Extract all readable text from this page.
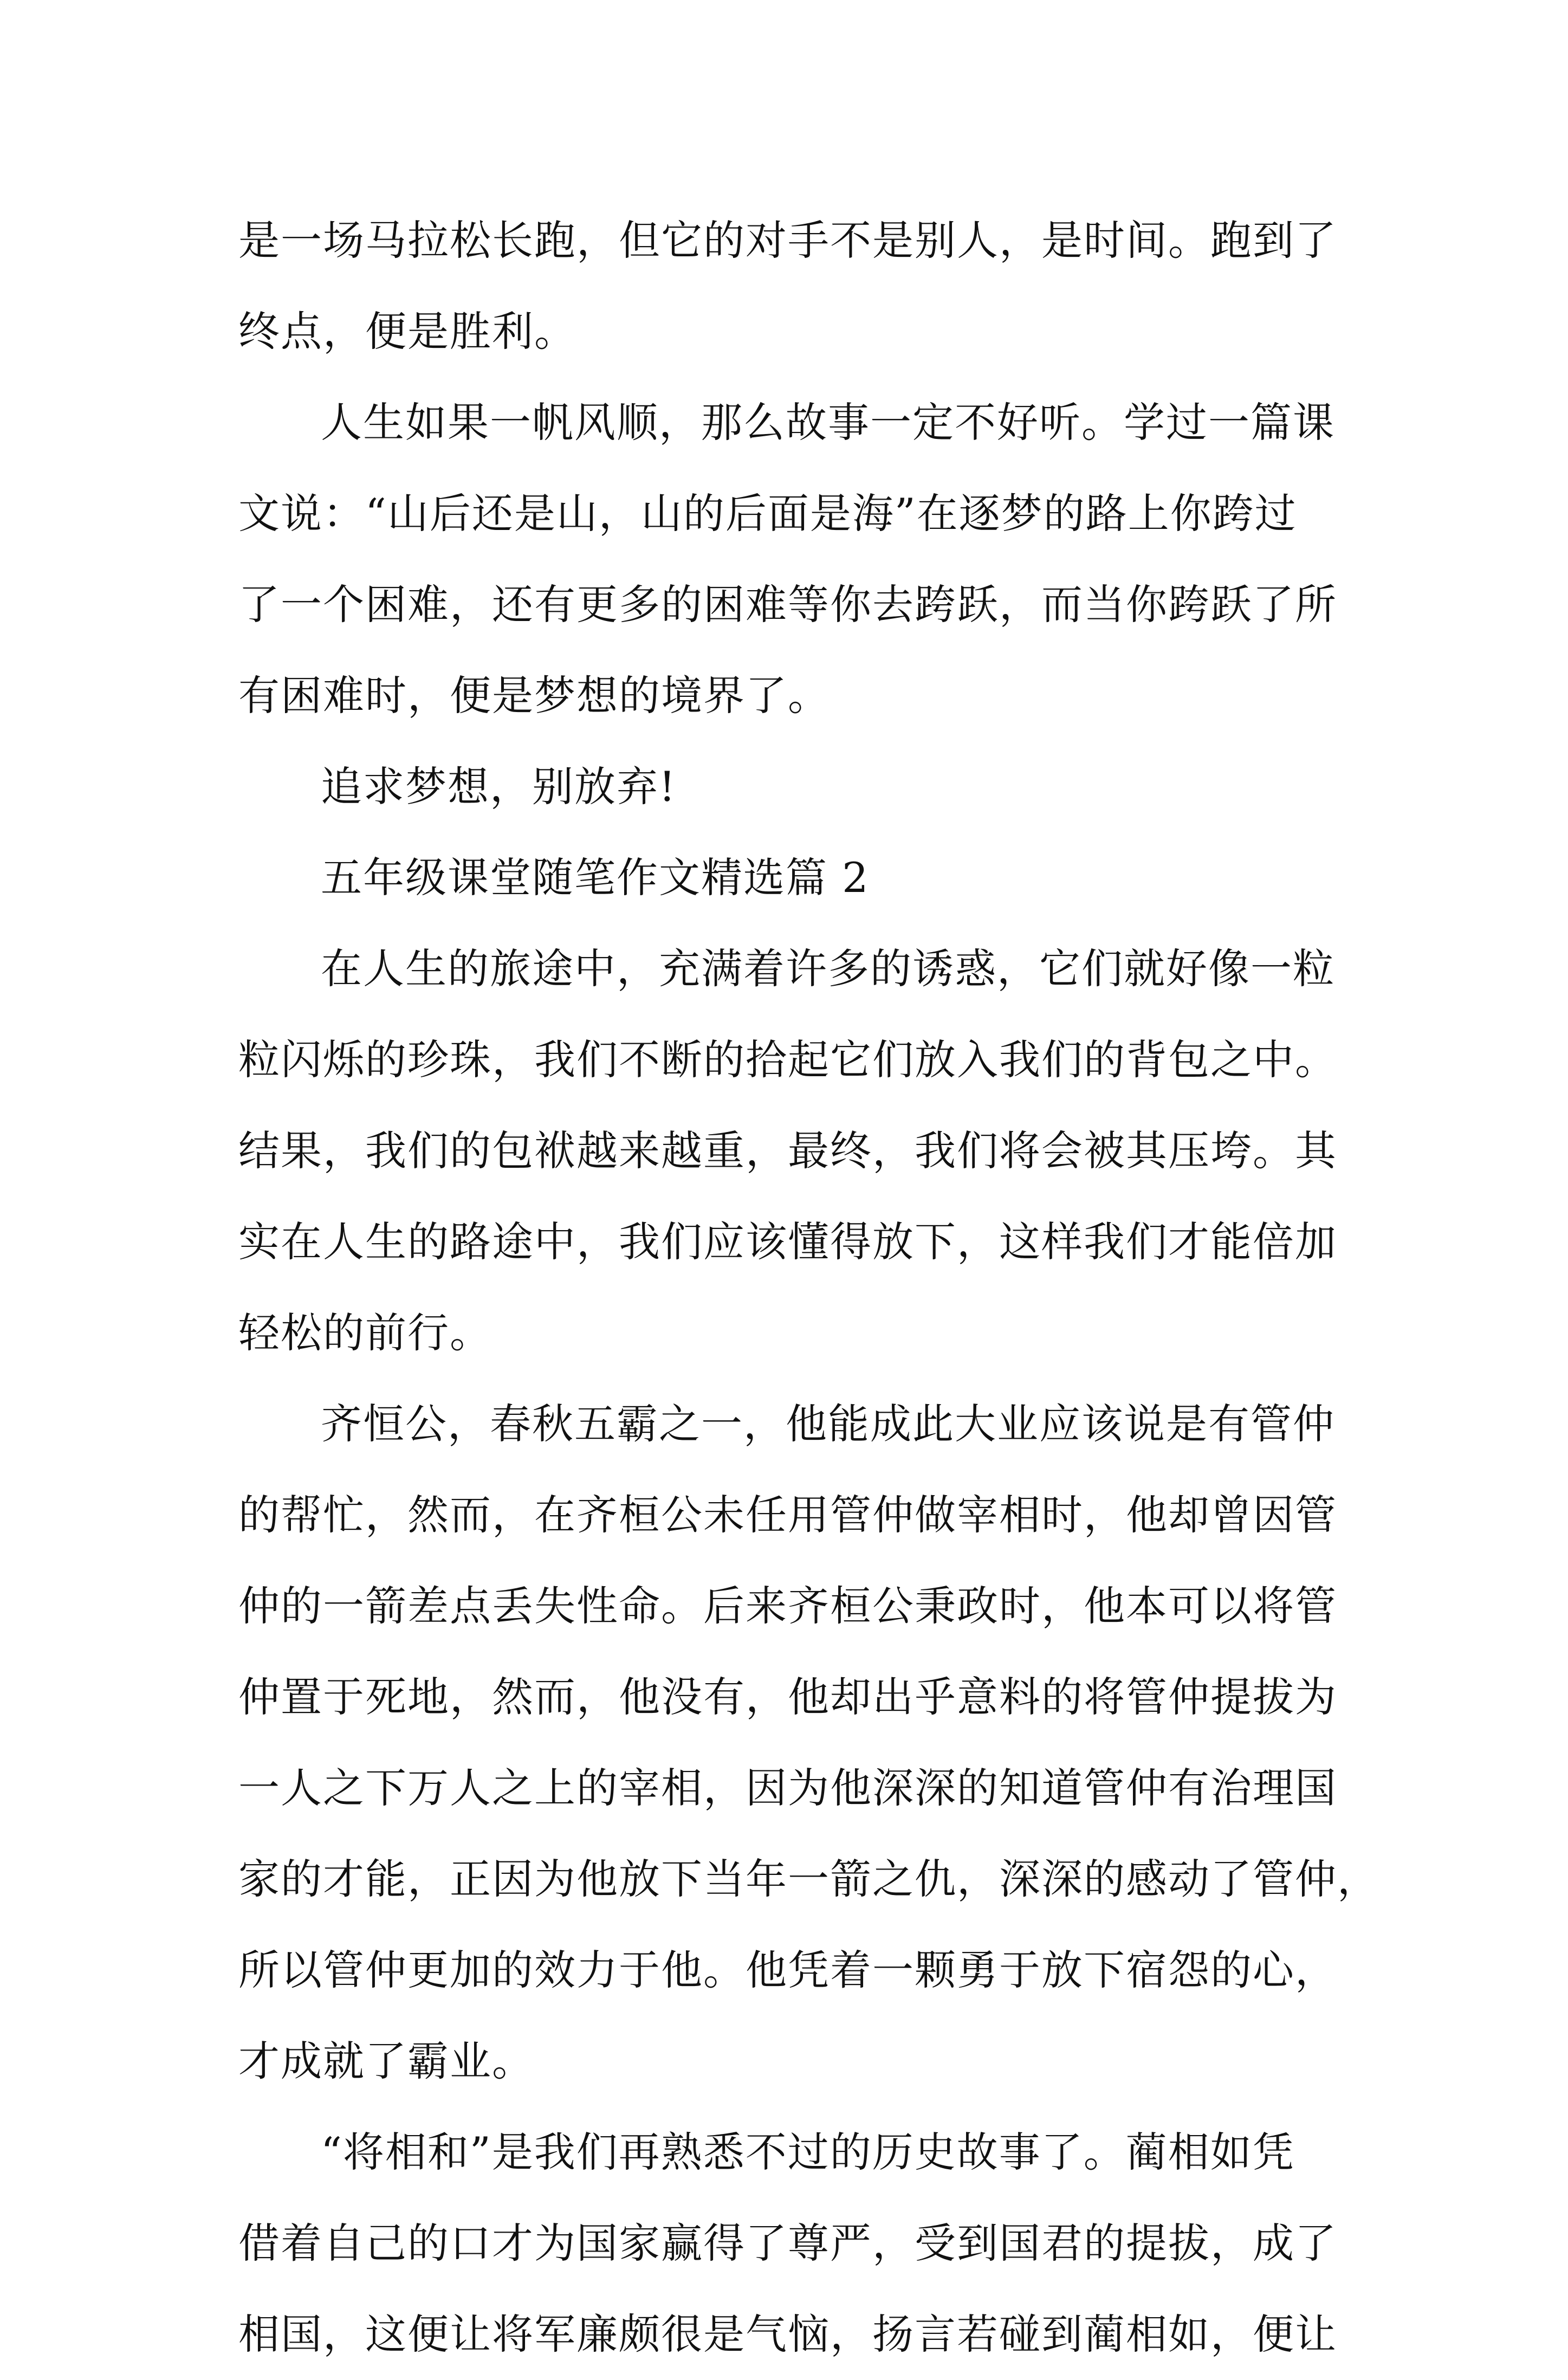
是一场马拉松长跑，但它的对手不是别人，是时间。跑到了
终点，便是胜利。
人生如果一帆风顺，那么故事一定不好听。学过一篇课
文说：“山后还是山，山的后面是海”在逐梦的路上你跨过
了一个困难，还有更多的困难等你去跨跃，而当你跨跃了所
有困难时，便是梦想的境界了。
追求梦想，别放弃!
五年级课堂随笔作文精选篇 2
在人生的旅途中，充满着许多的诱惑，它们就好像一粒
粒闪烁的珍珠，我们不断的拾起它们放入我们的背包之中。
结果，我们的包袱越来越重，最终，我们将会被其压垮。其
实在人生的路途中，我们应该懂得放下，这样我们才能倍加
轻松的前行。
齐恒公，春秋五霸之一，他能成此大业应该说是有管仲
的帮忙，然而，在齐桓公未任用管仲做宰相时，他却曾因管
仲的一箭差点丢失性命。后来齐桓公秉政时，他本可以将管
仲置于死地，然而，他没有，他却出乎意料的将管仲提拔为
一人之下万人之上的宰相，因为他深深的知道管仲有治理国
家的才能，正因为他放下当年一箭之仇，深深的感动了管仲，
所以管仲更加的效力于他。他凭着一颗勇于放下宿怨的心，
才成就了霸业。
“将相和”是我们再熟悉不过的历史故事了。蔺相如凭
借着自己的口才为国家赢得了尊严，受到国君的提拔，成了
相国，这便让将军廉颇很是气恼，扬言若碰到蔺相如，便让
